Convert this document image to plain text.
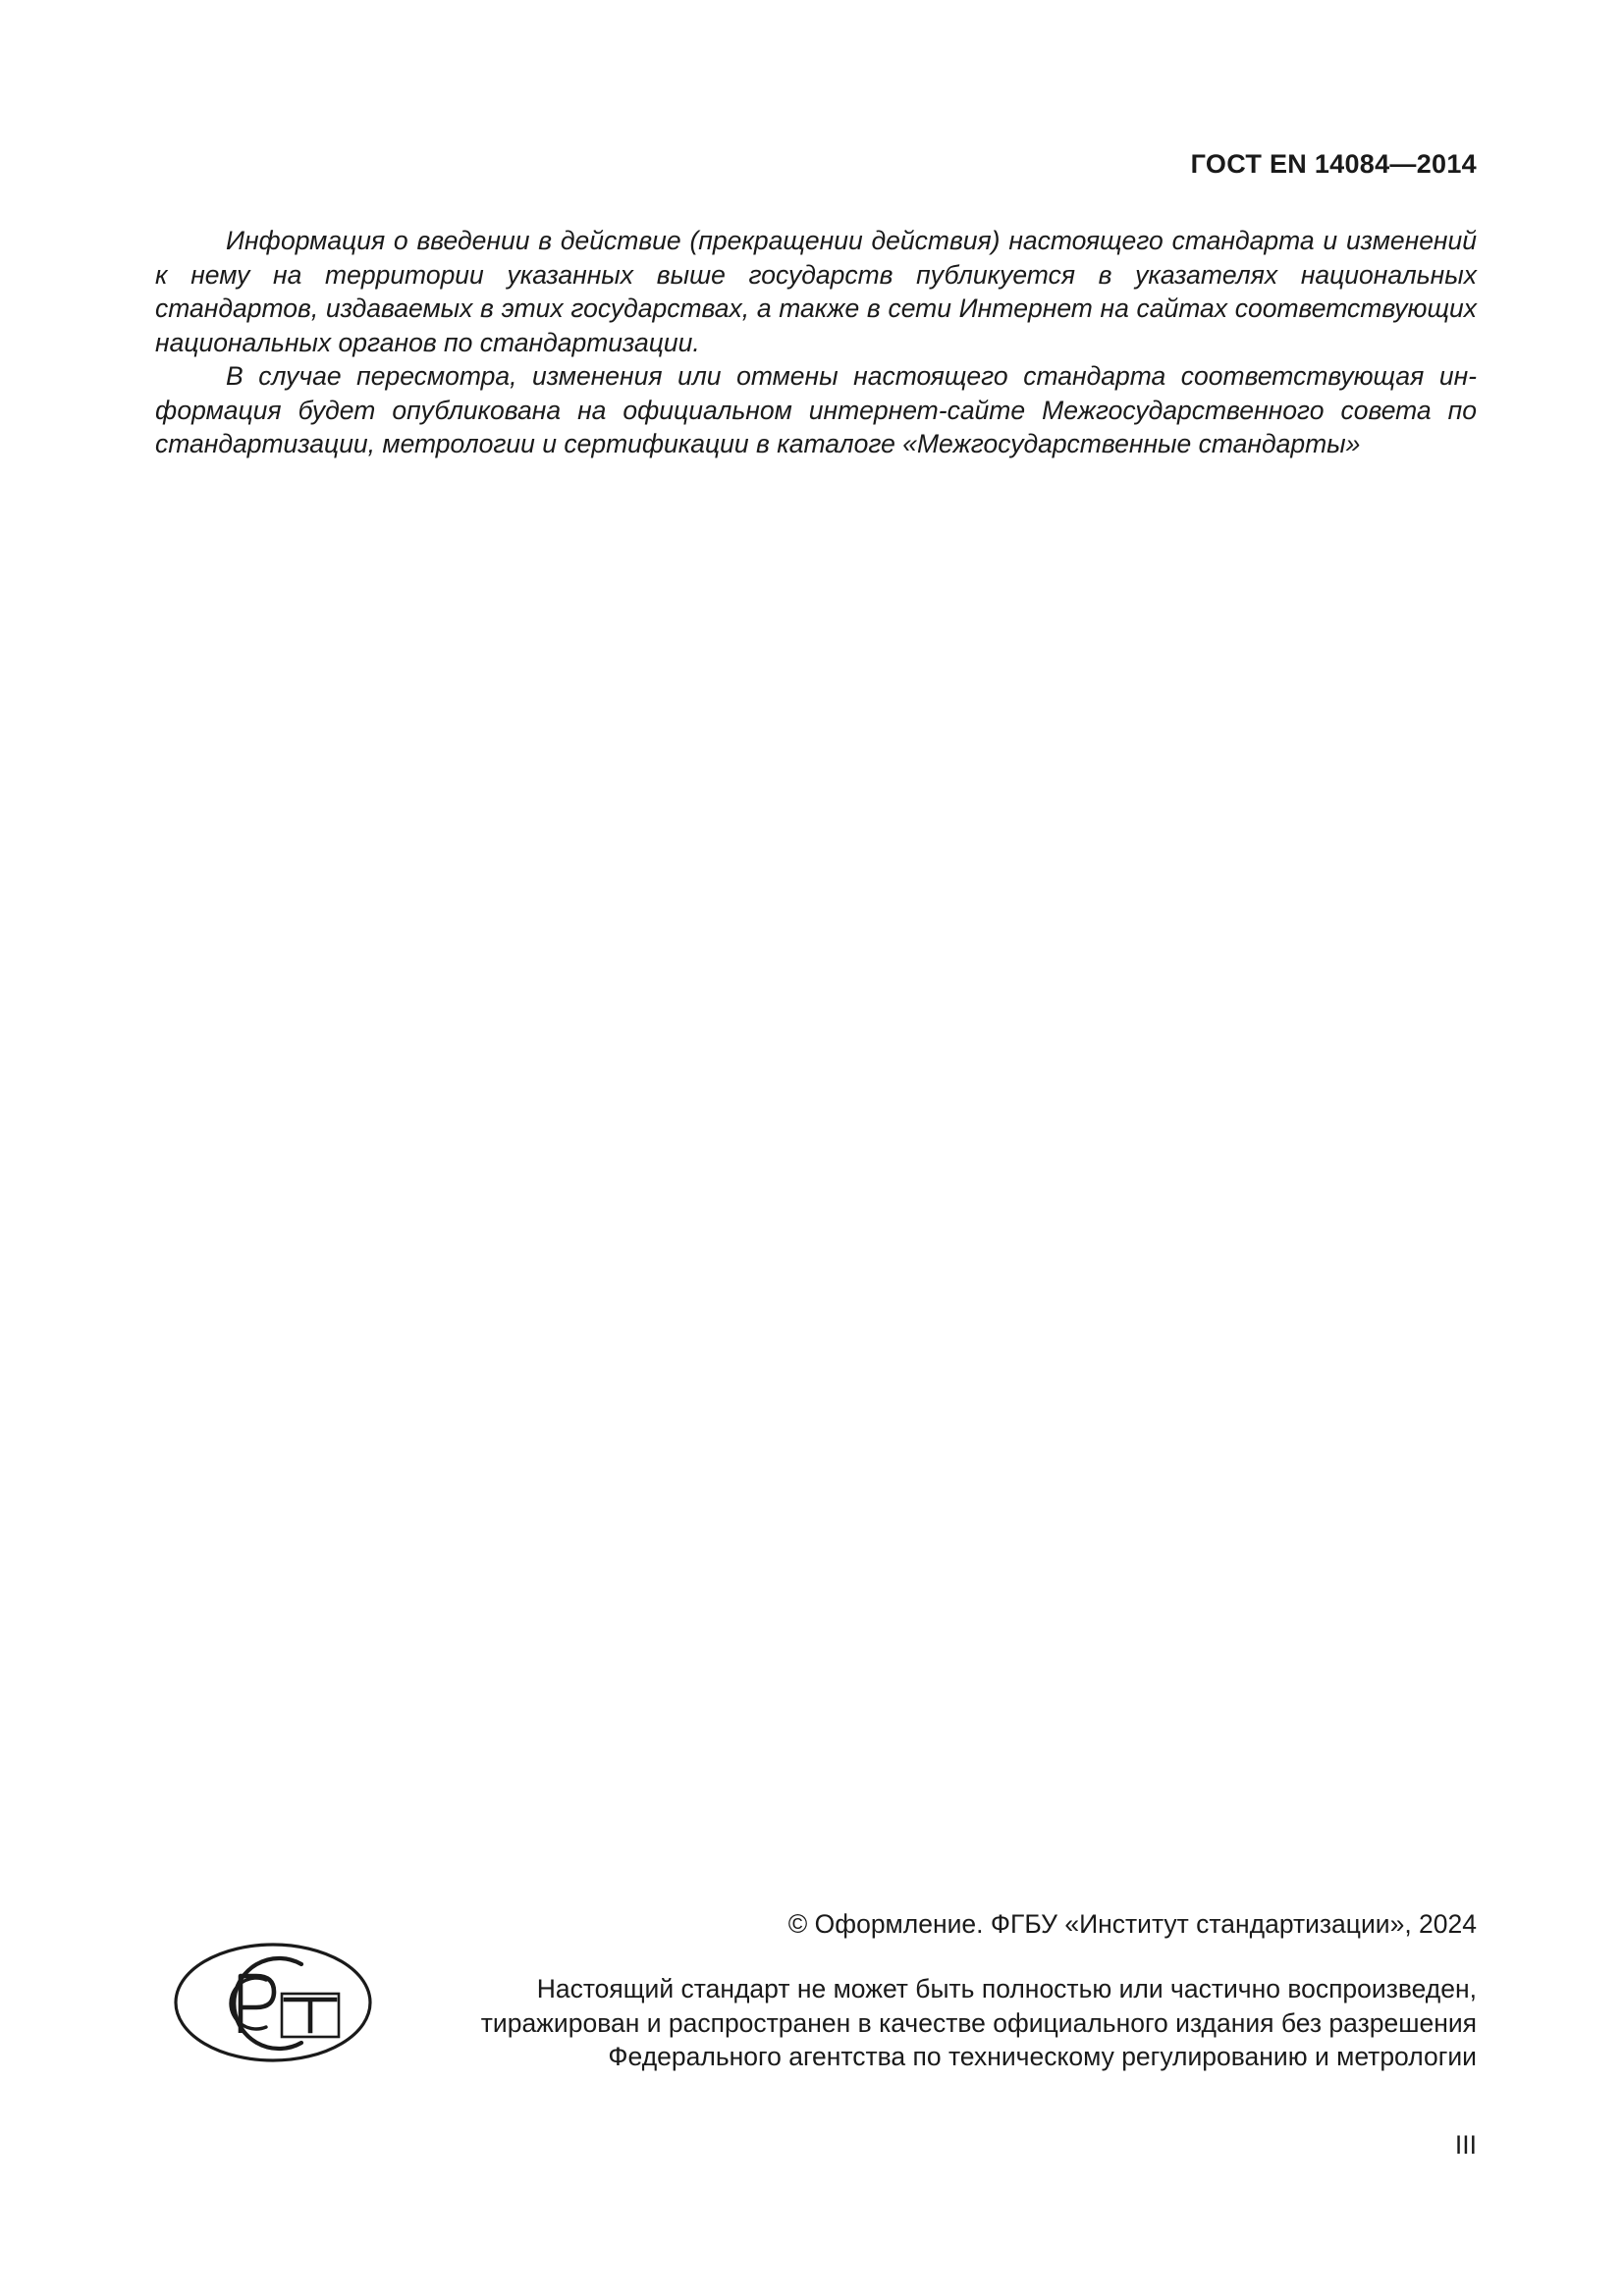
ГОСТ EN 14084—2014

Информация о введении в действие (прекращении действия) настоящего стандарта и изменений к нему на территории указанных выше государств публикуется в указателях национальных стандартов, издаваемых в этих государствах, а также в сети Интернет на сайтах соответствующих национальных органов по стандартизации.

В случае пересмотра, изменения или отмены настоящего стандарта соответствующая информация будет опубликована на официальном интернет-сайте Межгосударственного совета по стандартизации, метрологии и сертификации в каталоге «Межгосударственные стандарты»

© Оформление. ФГБУ «Институт стандартизации», 2024
Настоящий стандарт не может быть полностью или частично воспроизведен,
тиражирован и распространен в качестве официального издания без разрешения
Федерального агентства по техническому регулированию и метрологии
III
